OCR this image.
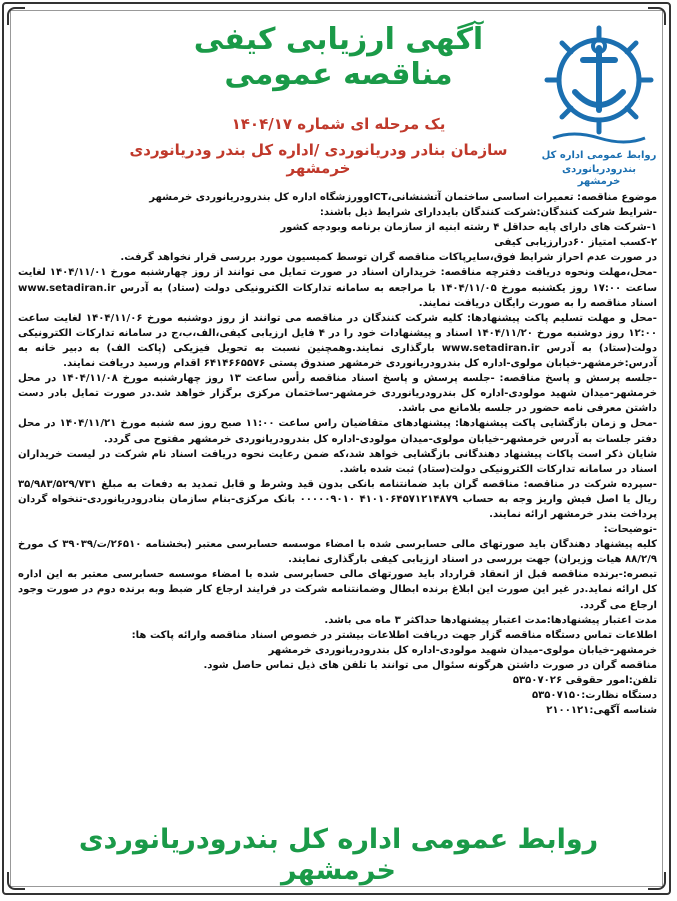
روابط عمومی اداره کل
بندرودریانوردی خرمشهر
آگهی ارزیابی کیفی مناقصه عمومی
یک مرحله ای شماره ۱۴۰۴/۱۷
سازمان بنادر ودریانوردی /اداره کل بندر ودریانوردی خرمشهر

موضوع مناقصه: تعمیرات اساسی ساختمان آتشنشانی،ICTوورزشگاه اداره کل بندرودریانوردی خرمشهر

-شرایط شرکت کنندگان:شرکت کنندگان بایددارای شرایط ذیل باشند:

۱-شرکت های دارای پایه حداقل ۴ رشته ابنیه از سازمان برنامه وبودجه کشور

۲-کسب امتیاز ۶۰درارزیابی کیفی

در صورت عدم احراز شرایط فوق،سایرپاکات مناقصه گران توسط کمیسیون مورد بررسی قرار نخواهد گرفت.

-محل،مهلت ونحوه دریافت دفترچه مناقصه: خریداران اسناد در صورت تمایل می توانند از روز چهارشنبه مورخ ۱۴۰۴/۱۱/۰۱ لغایت ساعت ۱۷:۰۰ روز یکشنبه مورخ ۱۴۰۴/۱۱/۰۵ با مراجعه به سامانه تدارکات الکترونیکی دولت (ستاد) به آدرس www.setadiran.ir اسناد مناقصه را به صورت رایگان دریافت نمایند.

-محل و مهلت تسلیم پاکت پیشنهادها: کلیه شرکت کنندگان در مناقصه می توانند از روز دوشنبه مورخ ۱۴۰۴/۱۱/۰۶ لغایت ساعت ۱۲:۰۰ روز دوشنبه مورخ ۱۴۰۴/۱۱/۲۰ اسناد و پیشنهادات خود را در ۴ فایل ارزیابی کیفی،الف،ب،ج در سامانه تدارکات الکترونیکی دولت(ستاد) به آدرس www.setadiran.ir بارگذاری نمایند.وهمچنین نسبت به تحویل فیزیکی (پاکت الف) به دبیر خانه به آدرس:خرمشهر-خیابان مولوی-اداره کل بندرودریانوردی خرمشهر صندوق پستی ۶۴۱۴۶۶۵۵۷۶ اقدام ورسید دریافت نمایند.

-جلسه پرسش و پاسخ مناقصه: -جلسه پرسش و پاسخ اسناد مناقصه رأس ساعت ۱۳ روز چهارشنبه مورخ ۱۴۰۴/۱۱/۰۸ در محل خرمشهر-میدان شهید مولودی-اداره کل بندرودریانوردی خرمشهر-ساختمان مرکزی برگزار خواهد شد.در صورت تمایل بادر دست داشتن معرفی نامه حضور در جلسه بلامانع می باشد.

-محل و زمان بازگشایی پاکت پیشنهادها: پیشنهادهای متقاضیان راس ساعت ۱۱:۰۰ صبح روز سه شنبه مورخ ۱۴۰۴/۱۱/۲۱ در محل دفتر جلسات به آدرس خرمشهر-خیابان مولوی-میدان مولودی-اداره کل بندرودریانوردی خرمشهر مفتوح می گردد.

شایان ذکر است پاکات پیشنهاد دهندگانی بازگشایی خواهد شد،که ضمن رعایت نحوه دریافت اسناد نام شرکت در لیست خریداران اسناد در سامانه تدارکات الکترونیکی دولت(ستاد) ثبت شده باشد.

-سپرده شرکت در مناقصه: مناقصه گران باید ضمانتنامه بانکی بدون قید وشرط و قابل تمدید به دفعات به مبلغ ۳۵/۹۸۳/۵۲۹/۷۳۱ ریال یا اصل فیش واریز وجه به حساب ۴۱۰۱۰۶۴۵۷۱۲۱۴۸۷۹ ۰۰۰۰۰۹۰۱۰ بانک مرکزی-بنام سازمان بنادرودریانوردی-تنخواه گردان پرداخت بندر خرمشهر ارائه نمایند.

-توضیحات:

کلیه پیشنهاد دهندگان باید صورتهای مالی حسابرسی شده با امضاء موسسه حسابرسی معتبر (بخشنامه ۲۶۵۱۰/ت/۳۹۰۳۹ ک مورخ ۸۸/۲/۹ هیات وزیران) جهت بررسی در اسناد ارزیابی کیفی بارگذاری نمایند.

تبصره:-برنده مناقصه قبل از انعقاد قرارداد باید صورتهای مالی حسابرسی شده با امضاء موسسه حسابرسی معتبر به این اداره کل ارائه نماید.در غیر این صورت این ابلاغ برنده ابطال وضمانتنامه شرکت در فرایند ارجاع کار ضبط وبه برنده دوم در صورت وجود ارجاع می گردد.

مدت اعتبار پیشنهادها:مدت اعتبار پیشنهادها حداکثر ۳ ماه می باشد.

اطلاعات تماس دستگاه مناقصه گزار جهت دریافت اطلاعات بیشتر در خصوص اسناد مناقصه وارائه پاکت ها:

خرمشهر-خیابان مولوی-میدان شهید مولودی-اداره کل بندرودریانوردی خرمشهر

مناقصه گران در صورت داشتن هرگونه سئوال می توانند با تلفن های ذیل تماس حاصل شود.

تلفن:امور حقوقی ۵۳۵۰۷۰۲۶

دستگاه نظارت:۵۳۵۰۷۱۵۰

شناسه آگهی:۲۱۰۰۱۲۱

روابط عمومی اداره کل بندرودریانوردی خرمشهر
